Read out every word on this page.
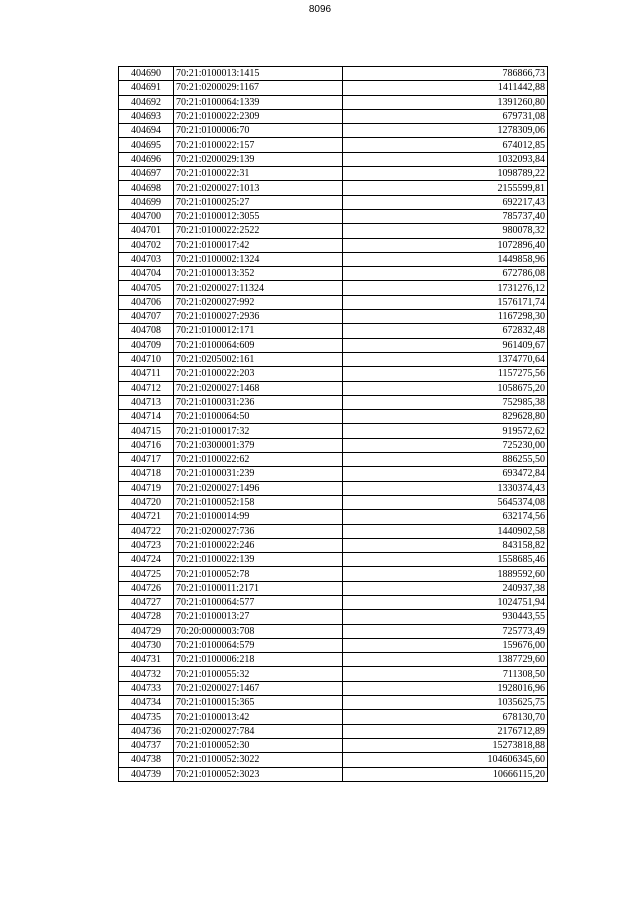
8096
404690	70:21:0100013:1415	786866,73
404691	70:21:0200029:1167	1411442,88
404692	70:21:0100064:1339	1391260,80
404693	70:21:0100022:2309	679731,08
404694	70:21:0100006:70	1278309,06
404695	70:21:0100022:157	674012,85
404696	70:21:0200029:139	1032093,84
404697	70:21:0100022:31	1098789,22
404698	70:21:0200027:1013	2155599,81
404699	70:21:0100025:27	692217,43
404700	70:21:0100012:3055	785737,40
404701	70:21:0100022:2522	980078,32
404702	70:21:0100017:42	1072896,40
404703	70:21:0100002:1324	1449858,96
404704	70:21:0100013:352	672786,08
404705	70:21:0200027:11324	1731276,12
404706	70:21:0200027:992	1576171,74
404707	70:21:0100027:2936	1167298,30
404708	70:21:0100012:171	672832,48
404709	70:21:0100064:609	961409,67
404710	70:21:0205002:161	1374770,64
404711	70:21:0100022:203	1157275,56
404712	70:21:0200027:1468	1058675,20
404713	70:21:0100031:236	752985,38
404714	70:21:0100064:50	829628,80
404715	70:21:0100017:32	919572,62
404716	70:21:0300001:379	725230,00
404717	70:21:0100022:62	886255,50
404718	70:21:0100031:239	693472,84
404719	70:21:0200027:1496	1330374,43
404720	70:21:0100052:158	5645374,08
404721	70:21:0100014:99	632174,56
404722	70:21:0200027:736	1440902,58
404723	70:21:0100022:246	843158,82
404724	70:21:0100022:139	1558685,46
404725	70:21:0100052:78	1889592,60
404726	70:21:0100011:2171	240937,38
404727	70:21:0100064:577	1024751,94
404728	70:21:0100013:27	930443,55
404729	70:20:0000003:708	725773,49
404730	70:21:0100064:579	159676,00
404731	70:21:0100006:218	1387729,60
404732	70:21:0100055:32	711308,50
404733	70:21:0200027:1467	1928016,96
404734	70:21:0100015:365	1035625,75
404735	70:21:0100013:42	678130,70
404736	70:21:0200027:784	2176712,89
404737	70:21:0100052:30	15273818,88
404738	70:21:0100052:3022	104606345,60
404739	70:21:0100052:3023	10666115,20
